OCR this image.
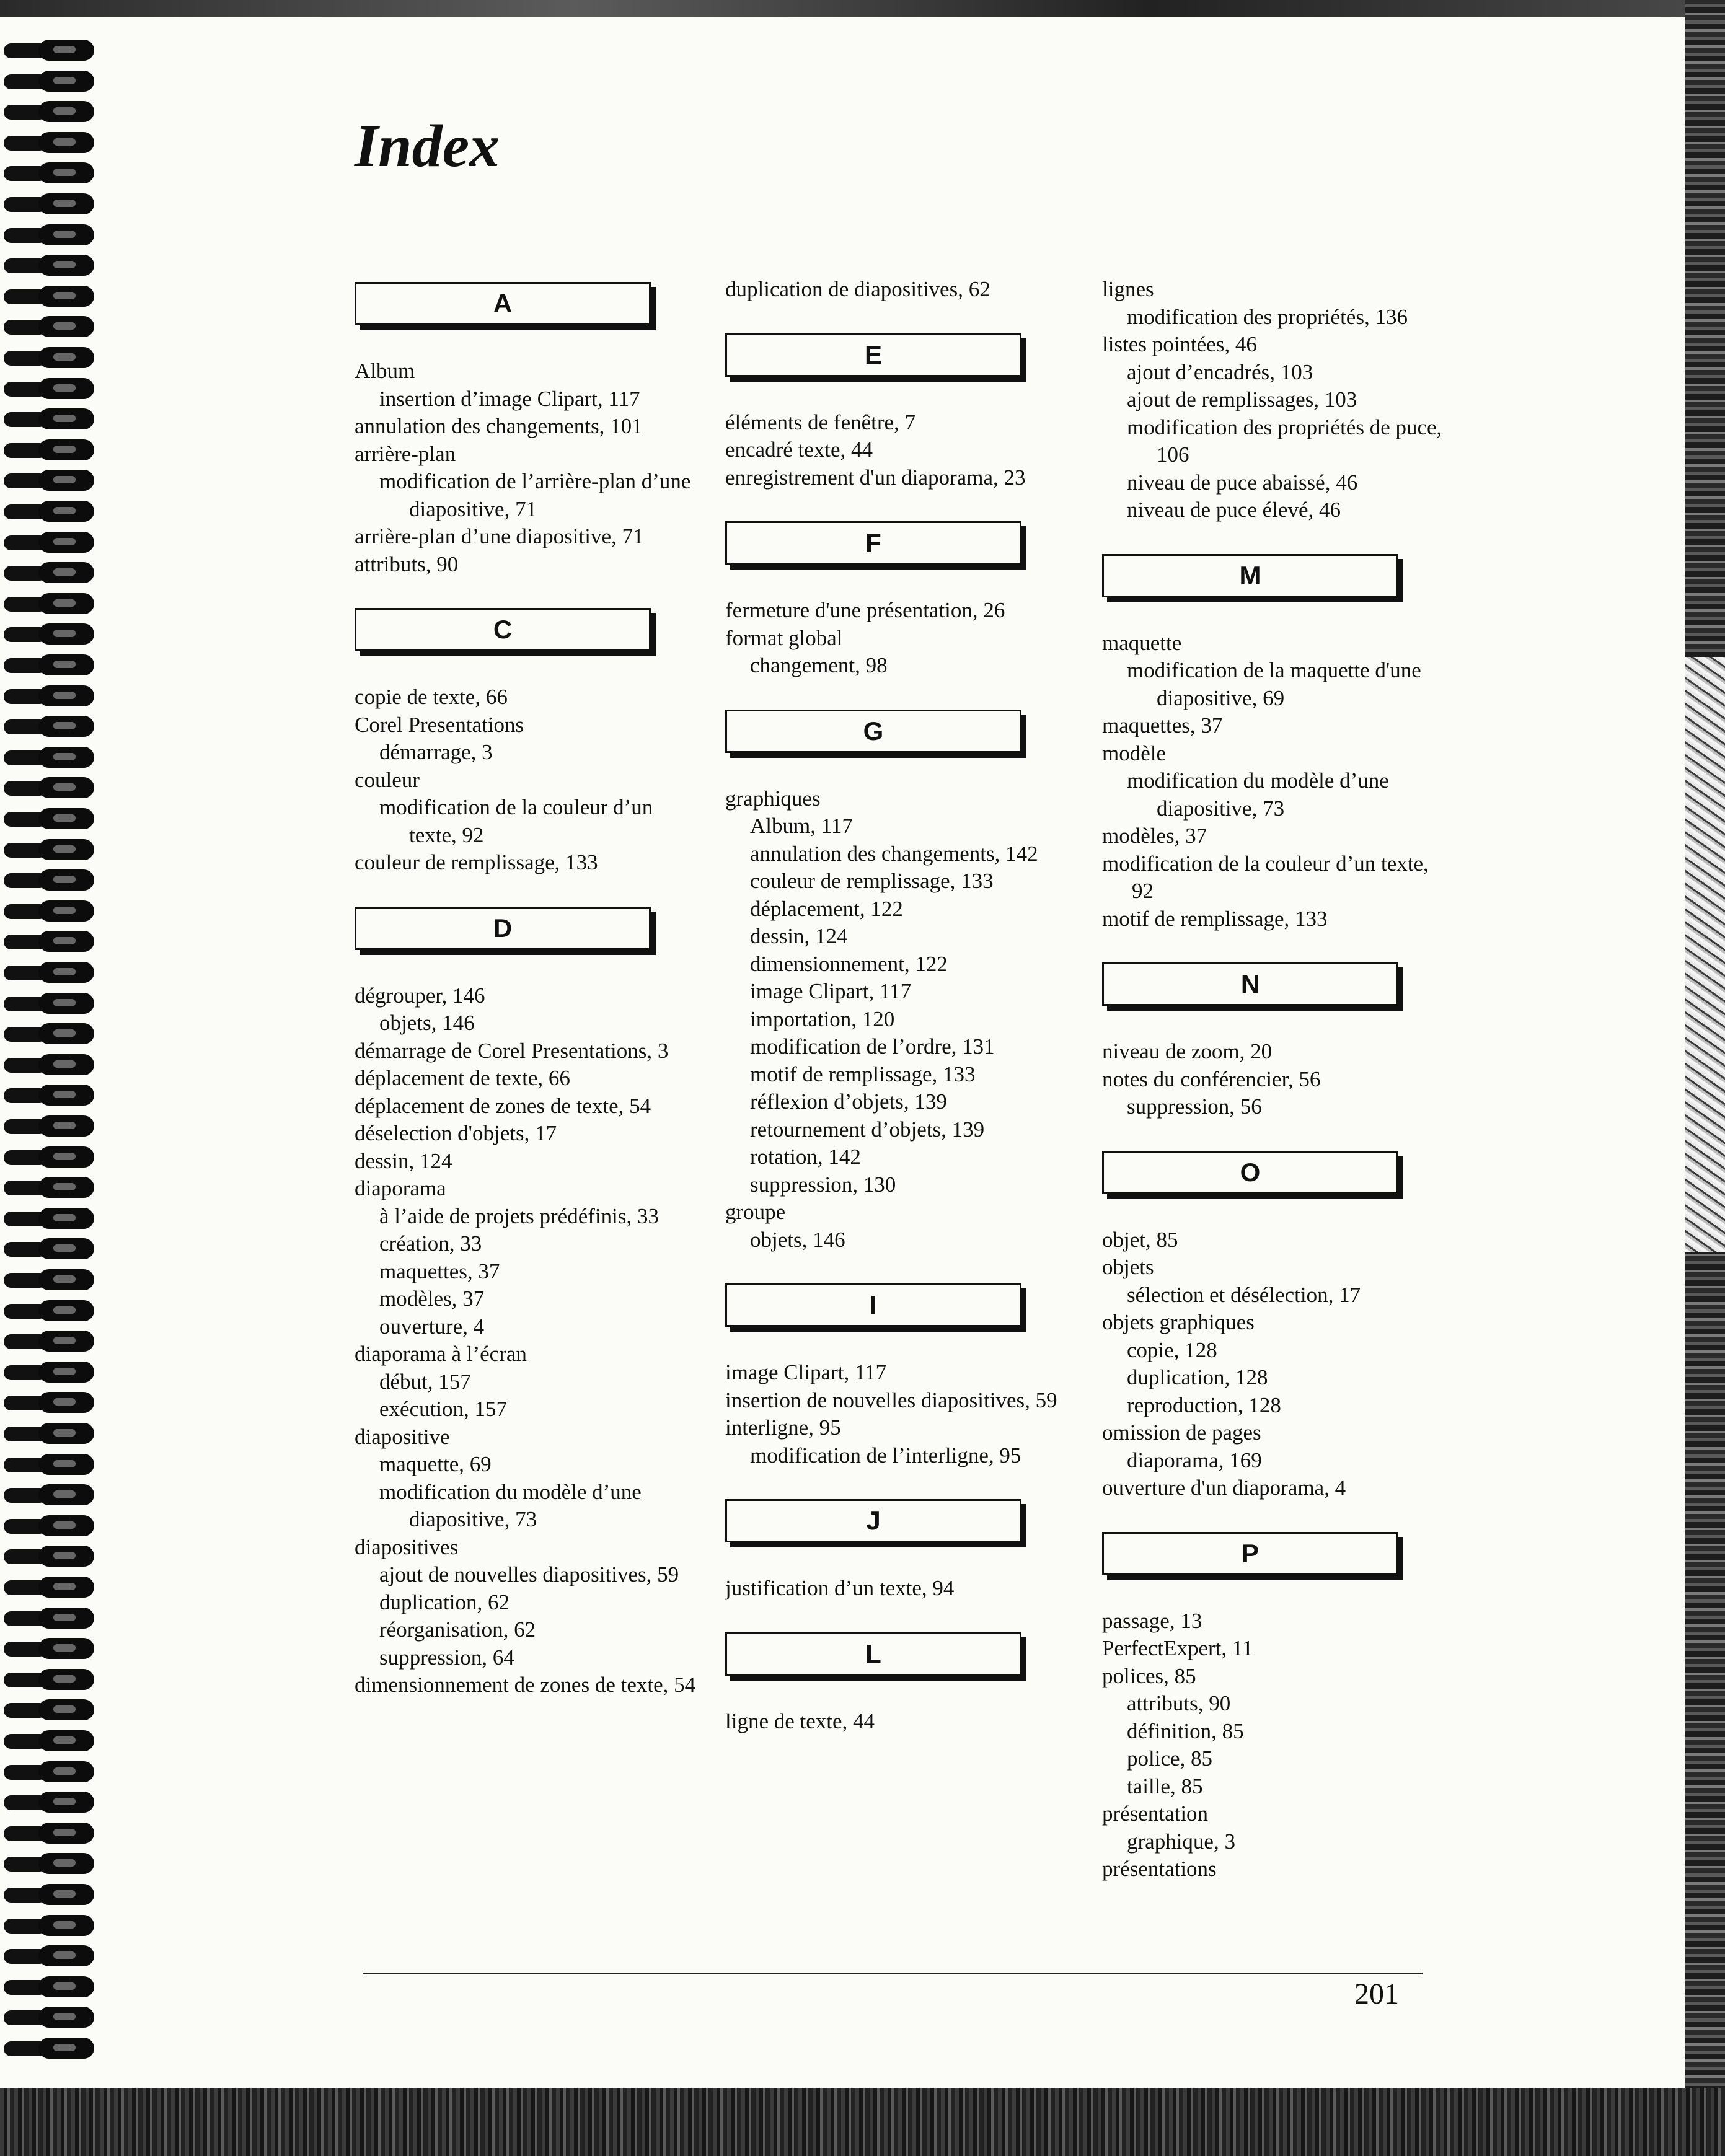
Index
A
Album
insertion d’image Clipart, 117
annulation des changements, 101
arrière-plan
modification de l’arrière-plan d’une diapositive, 71
arrière-plan d’une diapositive, 71
attributs, 90
C
copie de texte, 66
Corel Presentations
démarrage, 3
couleur
modification de la couleur d’un texte, 92
couleur de remplissage, 133
D
dégrouper, 146
objets, 146
démarrage de Corel Presentations, 3
déplacement de texte, 66
déplacement de zones de texte, 54
déselection d'objets, 17
dessin, 124
diaporama
à l’aide de projets prédéfinis, 33
création, 33
maquettes, 37
modèles, 37
ouverture, 4
diaporama à l’écran
début, 157
exécution, 157
diapositive
maquette, 69
modification du modèle d’une diapositive, 73
diapositives
ajout de nouvelles diapositives, 59
duplication, 62
réorganisation, 62
suppression, 64
dimensionnement de zones de texte, 54
duplication de diapositives, 62
E
éléments de fenêtre, 7
encadré texte, 44
enregistrement d'un diaporama, 23
F
fermeture d'une présentation, 26
format global
changement, 98
G
graphiques
Album, 117
annulation des changements, 142
couleur de remplissage, 133
déplacement, 122
dessin, 124
dimensionnement, 122
image Clipart, 117
importation, 120
modification de l’ordre, 131
motif de remplissage, 133
réflexion d’objets, 139
retournement d’objets, 139
rotation, 142
suppression, 130
groupe
objets, 146
I
image Clipart, 117
insertion de nouvelles diapositives, 59
interligne, 95
modification de l’interligne, 95
J
justification d’un texte, 94
L
ligne de texte, 44
lignes
modification des propriétés, 136
listes pointées, 46
ajout d’encadrés, 103
ajout de remplissages, 103
modification des propriétés de puce, 106
niveau de puce abaissé, 46
niveau de puce élevé, 46
M
maquette
modification de la maquette d'une diapositive, 69
maquettes, 37
modèle
modification du modèle d’une diapositive, 73
modèles, 37
modification de la couleur d’un texte, 92
motif de remplissage, 133
N
niveau de zoom, 20
notes du conférencier, 56
suppression, 56
O
objet, 85
objets
sélection et désélection, 17
objets graphiques
copie, 128
duplication, 128
reproduction, 128
omission de pages
diaporama, 169
ouverture d'un diaporama, 4
P
passage, 13
PerfectExpert, 11
polices, 85
attributs, 90
définition, 85
police, 85
taille, 85
présentation
graphique, 3
présentations
201
